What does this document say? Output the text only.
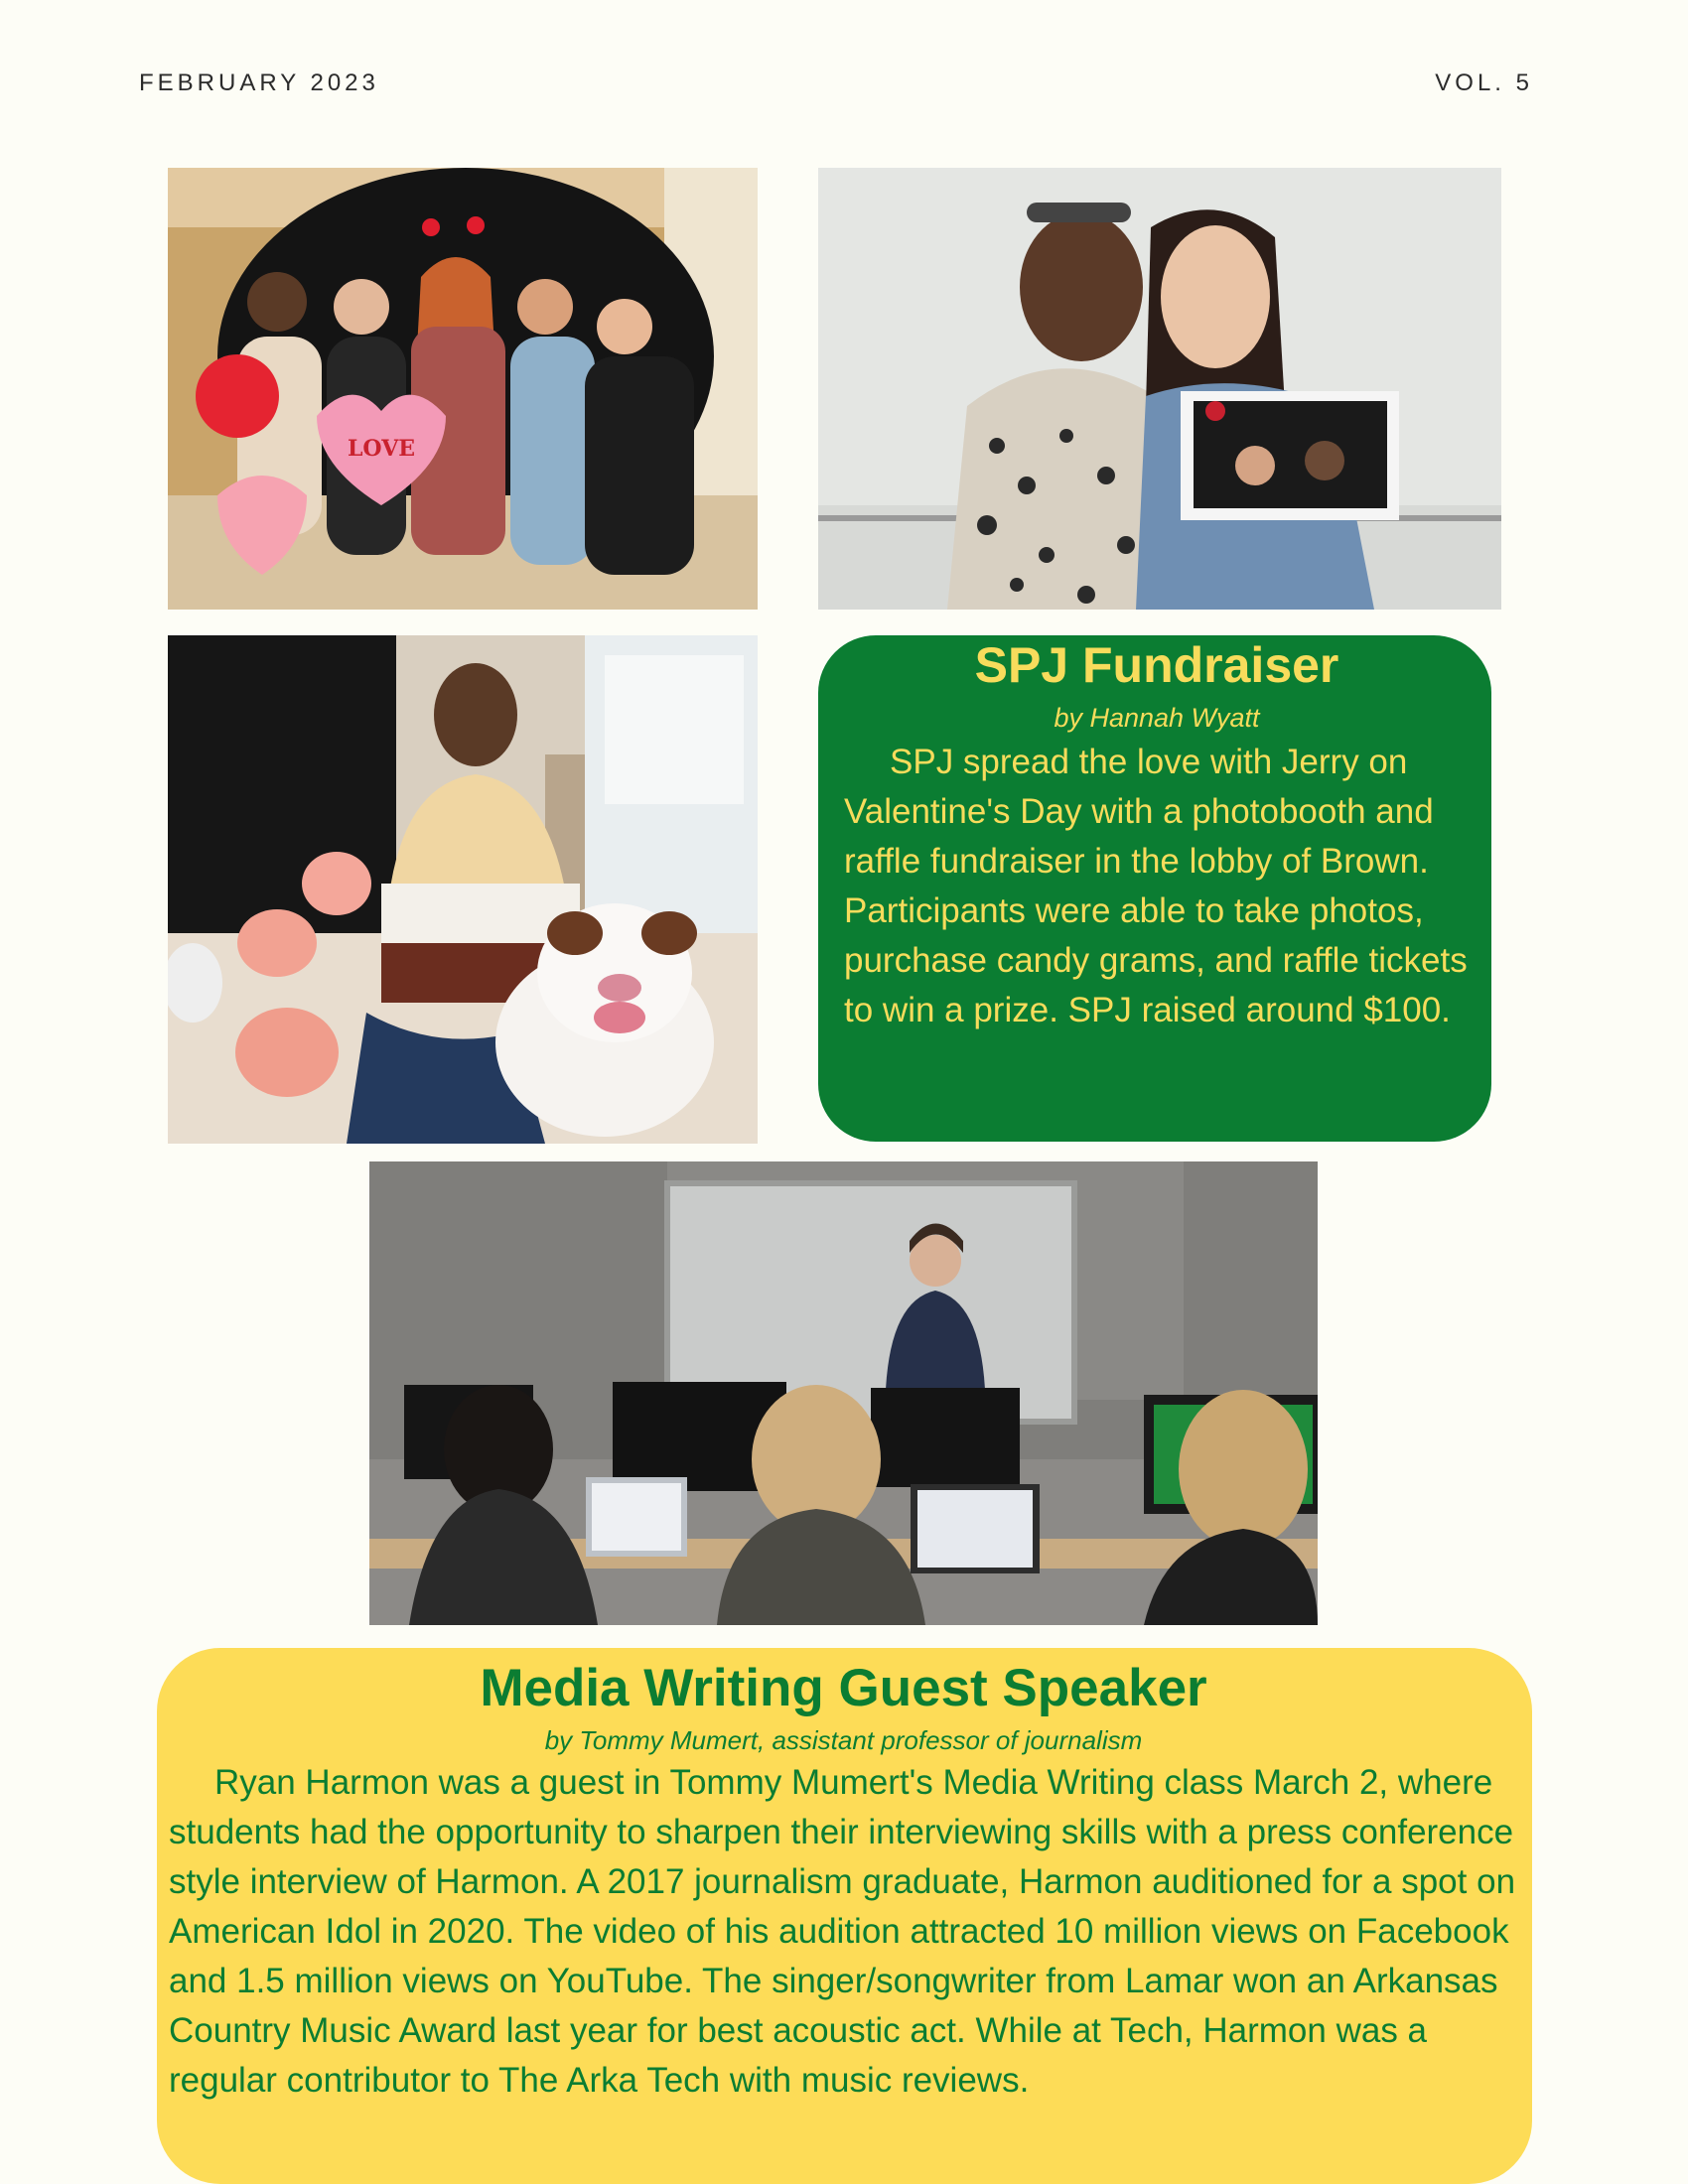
FEBRUARY 2023	VOL. 5
LOVE
SPJ Fundraiser
by Hannah Wyatt

SPJ spread the love with Jerry on Valentine's Day with a photobooth and raffle fundraiser in the lobby of Brown. Participants were able to take photos, purchase candy grams, and raffle tickets to win a prize. SPJ raised around $100.

Media Writing Guest Speaker
by Tommy Mumert, assistant professor of journalism

Ryan Harmon was a guest in Tommy Mumert's Media Writing class March 2, where students had the opportunity to sharpen their interviewing skills with a press conference style interview of Harmon. A 2017 journalism graduate, Harmon auditioned for a spot on American Idol in 2020. The video of his audition attracted 10 million views on Facebook and 1.5 million views on YouTube. The singer/songwriter from Lamar won an Arkansas Country Music Award last year for best acoustic act. While at Tech, Harmon was a regular contributor to The Arka Tech with music reviews.
